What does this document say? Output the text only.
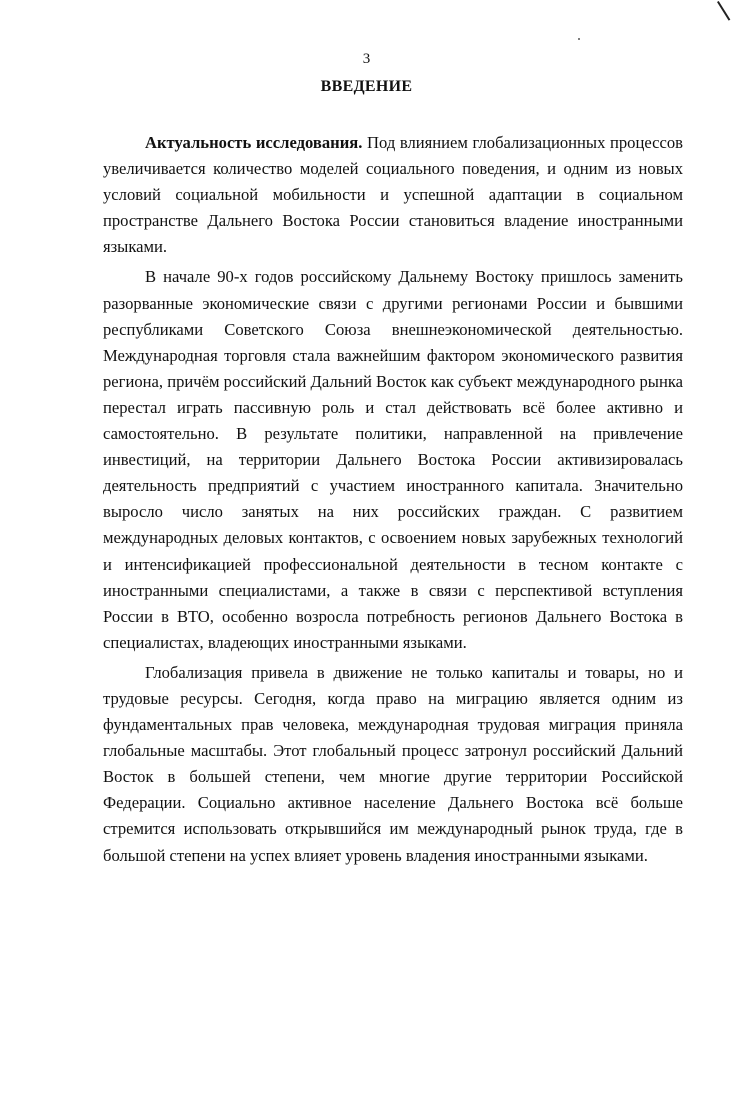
3
ВВЕДЕНИЕ

Актуальность исследования. Под влиянием глобализационных процессов увеличивается количество моделей социального поведения, и одним из новых условий социальной мобильности и успешной адаптации в социальном пространстве Дальнего Востока России становиться владение иностранными языками.

В начале 90-х годов российскому Дальнему Востоку пришлось заменить разорванные экономические связи с другими регионами России и бывшими республиками Советского Союза внешнеэкономической деятельностью. Международная торговля стала важнейшим фактором экономического развития региона, причём российский Дальний Восток как субъект международного рынка перестал играть пассивную роль и стал действовать всё более активно и самостоятельно. В результате политики, направленной на привлечение инвестиций, на территории Дальнего Востока России активизировалась деятельность предприятий с участием иностранного капитала. Значительно выросло число занятых на них российских граждан. С развитием международных деловых контактов, с освоением новых зарубежных технологий и интенсификацией профессиональной деятельности в тесном контакте с иностранными специалистами, а также в связи с перспективой вступления России в ВТО, особенно возросла потребность регионов Дальнего Востока в специалистах, владеющих иностранными языками.

Глобализация привела в движение не только капиталы и товары, но и трудовые ресурсы. Сегодня, когда право на миграцию является одним из фундаментальных прав человека, международная трудовая миграция приняла глобальные масштабы. Этот глобальный процесс затронул российский Дальний Восток в большей степени, чем многие другие территории Российской Федерации. Социально активное население Дальнего Востока всё больше стремится использовать открывшийся им международный рынок труда, где в большой степени на успех влияет уровень владения иностранными языками.
